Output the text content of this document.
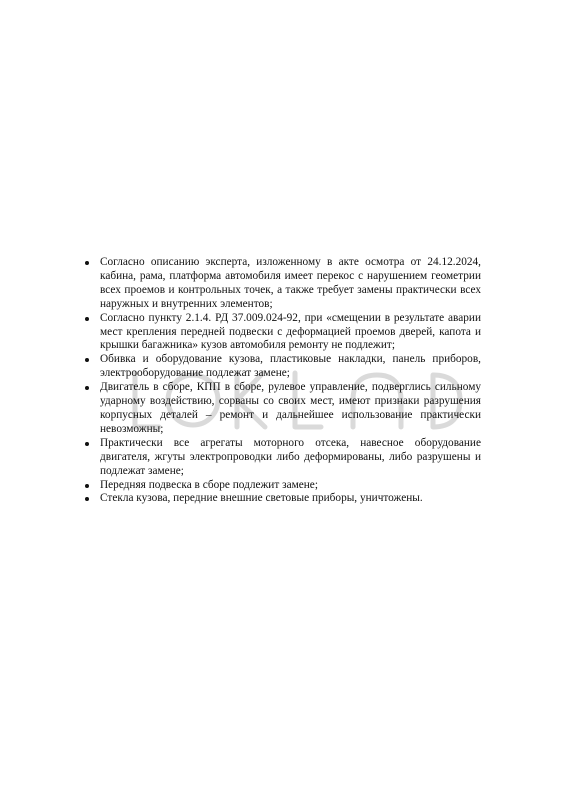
Согласно описанию эксперта, изложенному в акте осмотра от 24.12.2024, кабина, рама, платформа автомобиля имеет перекос с нарушением геометрии всех проемов и контрольных точек, а также требует замены практически всех наружных и внутренних элементов;
Согласно пункту 2.1.4. РД 37.009.024-92, при «смещении в результате аварии мест крепления передней подвески с деформацией проемов дверей, капота и крышки багажника» кузов автомобиля ремонту не подлежит;
Обивка и оборудование кузова, пластиковые накладки, панель приборов, электрооборудование подлежат замене;
Двигатель в сборе, КПП в сборе, рулевое управление, подверглись сильному ударному воздействию, сорваны со своих мест, имеют признаки разрушения корпусных деталей – ремонт и дальнейшее использование практически невозможны;
Практически все агрегаты моторного отсека, навесное оборудование двигателя, жгуты электропроводки либо деформированы, либо разрушены и подлежат замене;
Передняя подвеска в сборе подлежит замене;
Стекла кузова, передние внешние световые приборы, уничтожены.
